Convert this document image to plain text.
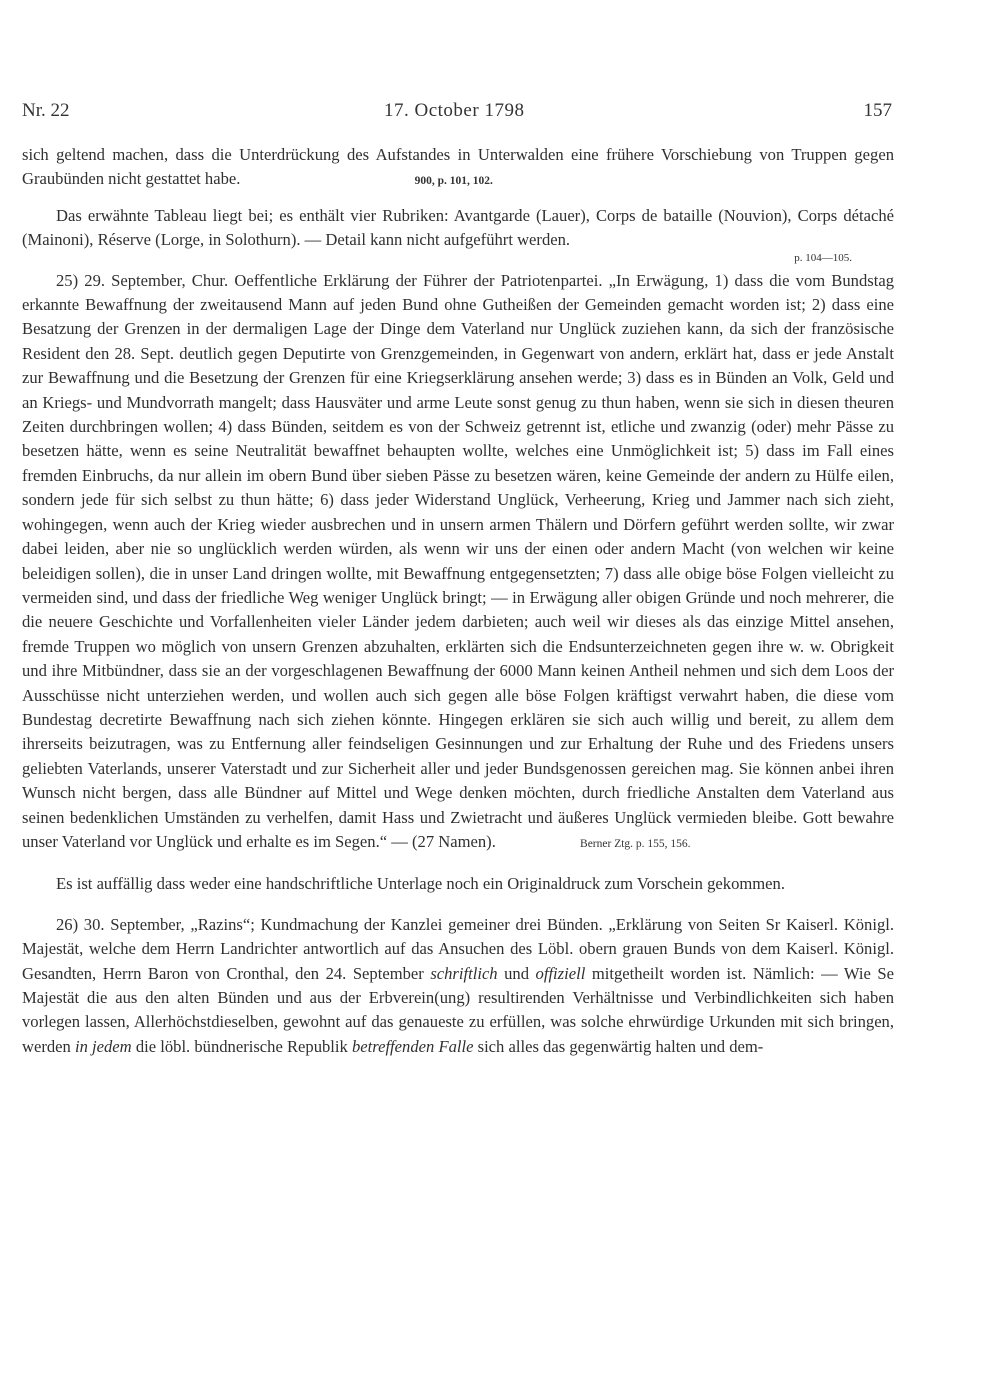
Nr. 22	17. October 1798	157

sich geltend machen, dass die Unterdrückung des Aufstandes in Unterwalden eine frühere Vorschiebung von Truppen gegen Graubünden nicht gestattet habe.	900, p. 101, 102.

Das erwähnte Tableau liegt bei; es enthält vier Rubriken: Avantgarde (Lauer), Corps de bataille (Nouvion), Corps détaché (Mainoni), Réserve (Lorge, in Solothurn). — Detail kann nicht aufgeführt werden.

p. 104—105.

25) 29. September, Chur. Oeffentliche Erklärung der Führer der Patriotenpartei. „In Erwägung, 1) dass die vom Bundstag erkannte Bewaffnung der zweitausend Mann auf jeden Bund ohne Gutheißen der Gemeinden gemacht worden ist; 2) dass eine Besatzung der Grenzen in der dermaligen Lage der Dinge dem Vaterland nur Unglück zuziehen kann, da sich der französische Resident den 28. Sept. deutlich gegen Deputirte von Grenzgemeinden, in Gegenwart von andern, erklärt hat, dass er jede Anstalt zur Bewaffnung und die Besetzung der Grenzen für eine Kriegserklärung ansehen werde; 3) dass es in Bünden an Volk, Geld und an Kriegs- und Mundvorrath mangelt; dass Hausväter und arme Leute sonst genug zu thun haben, wenn sie sich in diesen theuren Zeiten durchbringen wollen; 4) dass Bünden, seitdem es von der Schweiz getrennt ist, etliche und zwanzig (oder) mehr Pässe zu besetzen hätte, wenn es seine Neutralität bewaffnet behaupten wollte, welches eine Unmöglichkeit ist; 5) dass im Fall eines fremden Einbruchs, da nur allein im obern Bund über sieben Pässe zu besetzen wären, keine Gemeinde der andern zu Hülfe eilen, sondern jede für sich selbst zu thun hätte; 6) dass jeder Widerstand Unglück, Verheerung, Krieg und Jammer nach sich zieht, wohingegen, wenn auch der Krieg wieder ausbrechen und in unsern armen Thälern und Dörfern geführt werden sollte, wir zwar dabei leiden, aber nie so unglücklich werden würden, als wenn wir uns der einen oder andern Macht (von welchen wir keine beleidigen sollen), die in unser Land dringen wollte, mit Bewaffnung entgegensetzten; 7) dass alle obige böse Folgen vielleicht zu vermeiden sind, und dass der friedliche Weg weniger Unglück bringt; — in Erwägung aller obigen Gründe und noch mehrerer, die die neuere Geschichte und Vorfallenheiten vieler Länder jedem darbieten; auch weil wir dieses als das einzige Mittel ansehen, fremde Truppen wo möglich von unsern Grenzen abzuhalten, erklärten sich die Endsunterzeichneten gegen ihre w. w. Obrigkeit und ihre Mitbündner, dass sie an der vorgeschlagenen Bewaffnung der 6000 Mann keinen Antheil nehmen und sich dem Loos der Ausschüsse nicht unterziehen werden, und wollen auch sich gegen alle böse Folgen kräftigst verwahrt haben, die diese vom Bundestag decretirte Bewaffnung nach sich ziehen könnte. Hingegen erklären sie sich auch willig und bereit, zu allem dem ihrerseits beizutragen, was zu Entfernung aller feindseligen Gesinnungen und zur Erhaltung der Ruhe und des Friedens unsers geliebten Vaterlands, unserer Vaterstadt und zur Sicherheit aller und jeder Bundsgenossen gereichen mag. Sie können anbei ihren Wunsch nicht bergen, dass alle Bündner auf Mittel und Wege denken möchten, durch friedliche Anstalten dem Vaterland aus seinen bedenklichen Umständen zu verhelfen, damit Hass und Zwietracht und äußeres Unglück vermieden bleibe. Gott bewahre unser Vaterland vor Unglück und erhalte es im Segen.“ — (27 Namen).	Berner Ztg. p. 155, 156.

Es ist auffällig dass weder eine handschriftliche Unterlage noch ein Originaldruck zum Vorschein gekommen.

26) 30. September, „Razins“; Kundmachung der Kanzlei gemeiner drei Bünden. „Erklärung von Seiten Sr Kaiserl. Königl. Majestät, welche dem Herrn Landrichter antwortlich auf das Ansuchen des Löbl. obern grauen Bunds von dem Kaiserl. Königl. Gesandten, Herrn Baron von Cronthal, den 24. September schriftlich und offiziell mitgetheilt worden ist. Nämlich: — Wie Se Majestät die aus den alten Bünden und aus der Erbverein(ung) resultirenden Verhältnisse und Verbindlichkeiten sich haben vorlegen lassen, Allerhöchstdieselben, gewohnt auf das genaueste zu erfüllen, was solche ehrwürdige Urkunden mit sich bringen, werden in jedem die löbl. bündnerische Republik betreffenden Falle sich alles das gegenwärtig halten und dem-
